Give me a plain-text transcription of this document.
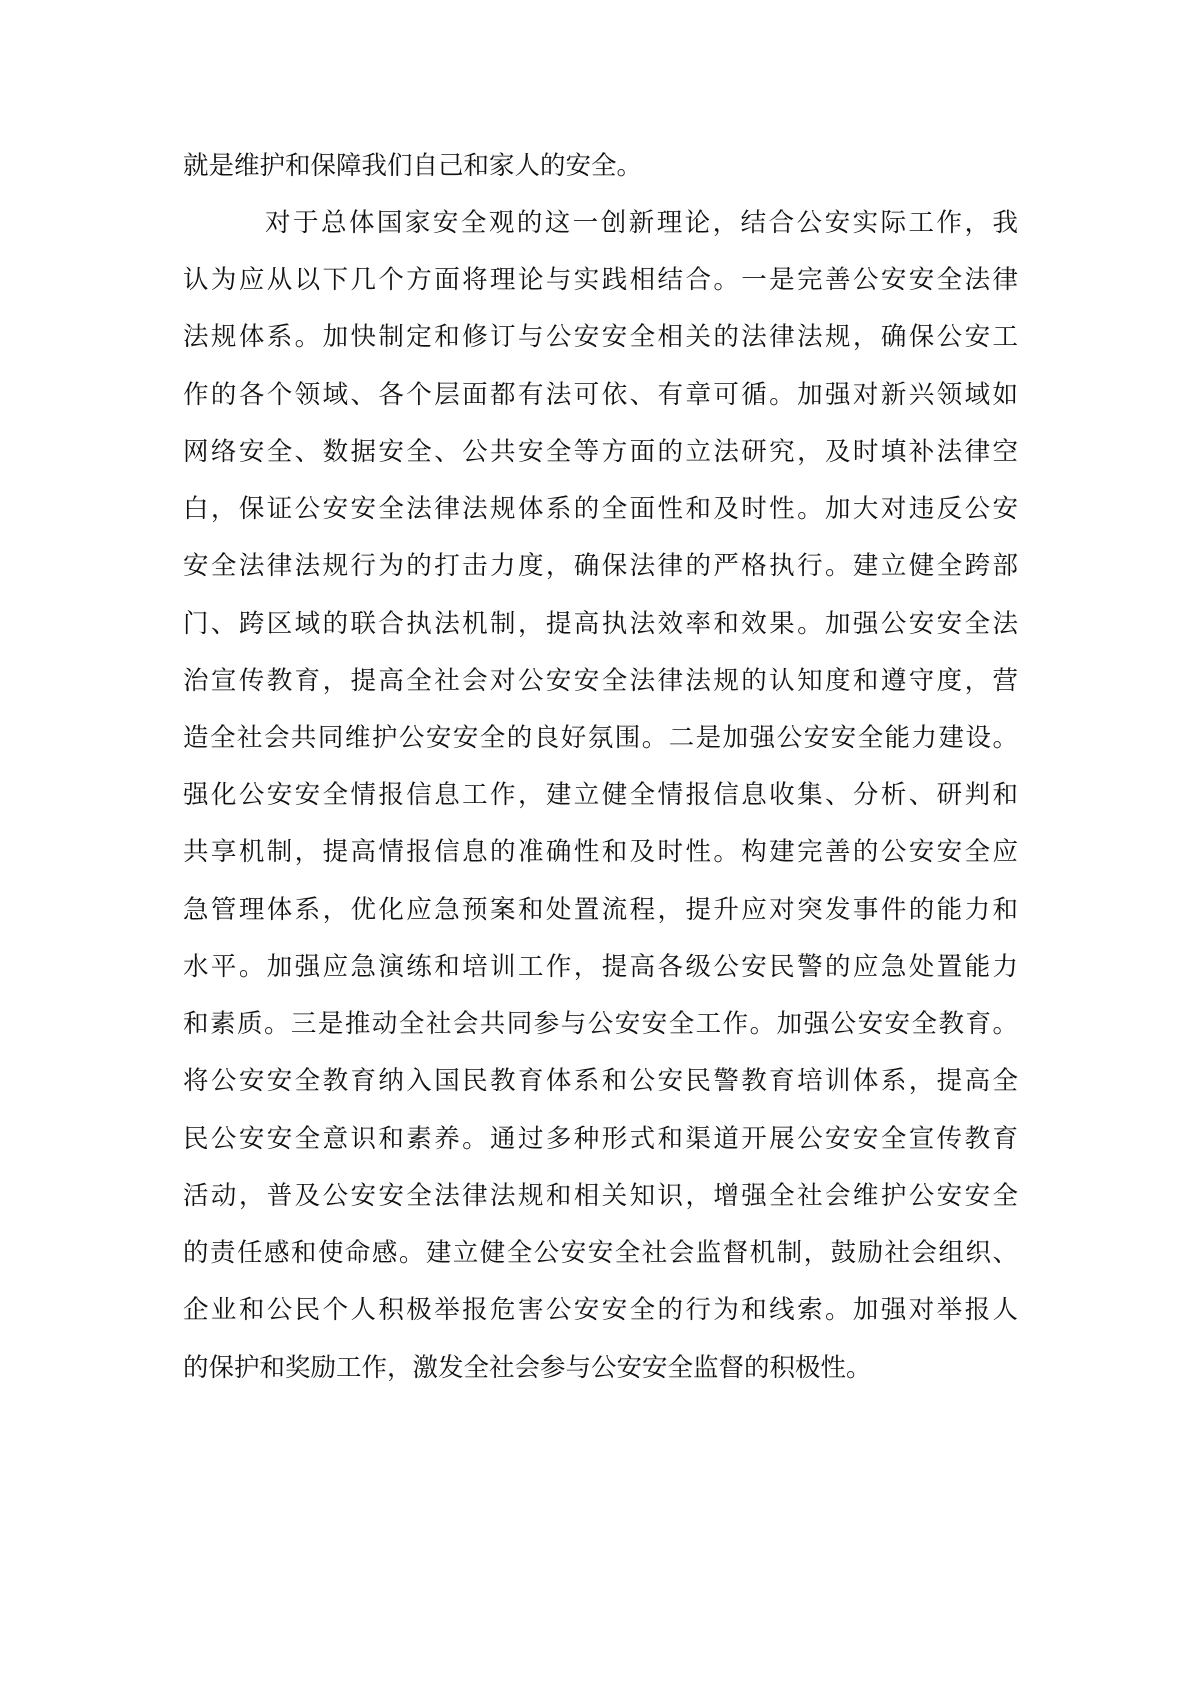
就是维护和保障我们自己和家人的安全。
对于总体国家安全观的这一创新理论，结合公安实际工作，我
认为应从以下几个方面将理论与实践相结合。一是完善公安安全法律
法规体系。加快制定和修订与公安安全相关的法律法规，确保公安工
作的各个领域、各个层面都有法可依、有章可循。加强对新兴领域如
网络安全、数据安全、公共安全等方面的立法研究，及时填补法律空
白，保证公安安全法律法规体系的全面性和及时性。加大对违反公安
安全法律法规行为的打击力度，确保法律的严格执行。建立健全跨部
门、跨区域的联合执法机制，提高执法效率和效果。加强公安安全法
治宣传教育，提高全社会对公安安全法律法规的认知度和遵守度，营
造全社会共同维护公安安全的良好氛围。二是加强公安安全能力建设。
强化公安安全情报信息工作，建立健全情报信息收集、分析、研判和
共享机制，提高情报信息的准确性和及时性。构建完善的公安安全应
急管理体系，优化应急预案和处置流程，提升应对突发事件的能力和
水平。加强应急演练和培训工作，提高各级公安民警的应急处置能力
和素质。三是推动全社会共同参与公安安全工作。加强公安安全教育。
将公安安全教育纳入国民教育体系和公安民警教育培训体系，提高全
民公安安全意识和素养。通过多种形式和渠道开展公安安全宣传教育
活动，普及公安安全法律法规和相关知识，增强全社会维护公安安全
的责任感和使命感。建立健全公安安全社会监督机制，鼓励社会组织、
企业和公民个人积极举报危害公安安全的行为和线索。加强对举报人
的保护和奖励工作，激发全社会参与公安安全监督的积极性。
